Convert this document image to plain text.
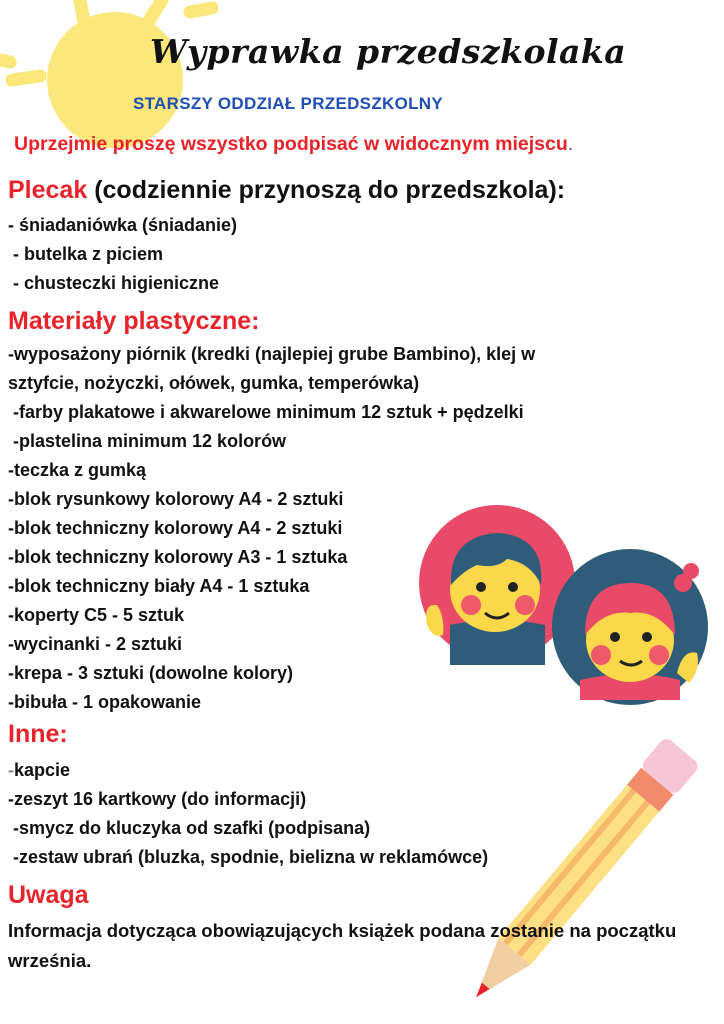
Wyprawka przedszkolaka
STARSZY ODDZIAŁ PRZEDSZKOLNY
Uprzejmie proszę wszystko podpisać w widocznym miejscu.
Plecak (codziennie przynoszą do przedszkola):
- śniadaniówka (śniadanie)
- butelka z piciem
- chusteczki higieniczne
Materiały plastyczne:
-wyposażony piórnik (kredki (najlepiej grube Bambino), klej w
sztyfcie, nożyczki, ołówek, gumka, temperówka)
-farby plakatowe i akwarelowe minimum 12 sztuk + pędzelki
-plastelina minimum 12 kolorów
-teczka z gumką
-blok rysunkowy kolorowy A4 - 2 sztuki
-blok techniczny kolorowy A4 - 2 sztuki
-blok techniczny kolorowy A3 - 1 sztuka
-blok techniczny biały A4 - 1 sztuka
-koperty C5 - 5 sztuk
-wycinanki - 2 sztuki
-krepa - 3 sztuki (dowolne kolory)
-bibuła - 1 opakowanie
Inne:
-kapcie
-zeszyt 16 kartkowy (do informacji)
-smycz do kluczyka od szafki (podpisana)
-zestaw ubrań (bluzka, spodnie, bielizna w reklamówce)
Uwaga
Informacja dotycząca obowiązujących książek podana zostanie na początku września.
